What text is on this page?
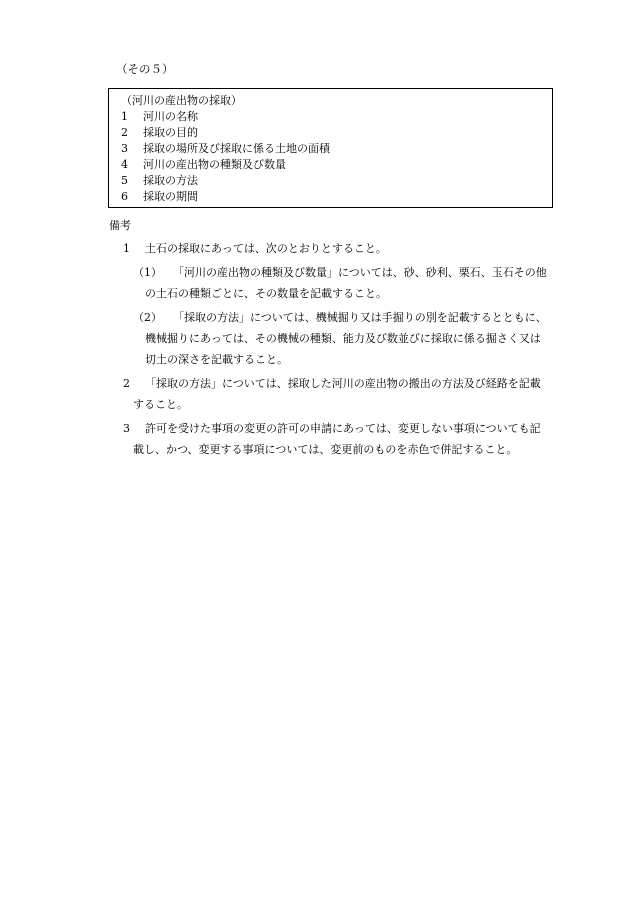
（その５）
（河川の産出物の採取）
1	河川の名称
2	採取の目的
3	採取の場所及び採取に係る土地の面積
4	河川の産出物の種類及び数量
5	採取の方法
6	採取の期間
備考
1	土石の採取にあっては、次のとおりとすること。
（1）	「河川の産出物の種類及び数量」については、砂、砂利、栗石、玉石その他
の土石の種類ごとに、その数量を記載すること。
（2）	「採取の方法」については、機械掘り又は手掘りの別を記載するとともに、
機械掘りにあっては、その機械の種類、能力及び数並びに採取に係る掘さく又は
切土の深さを記載すること。
2	「採取の方法」については、採取した河川の産出物の搬出の方法及び経路を記載
すること。
3	許可を受けた事項の変更の許可の申請にあっては、変更しない事項についても記
載し、かつ、変更する事項については、変更前のものを赤色で併記すること。
